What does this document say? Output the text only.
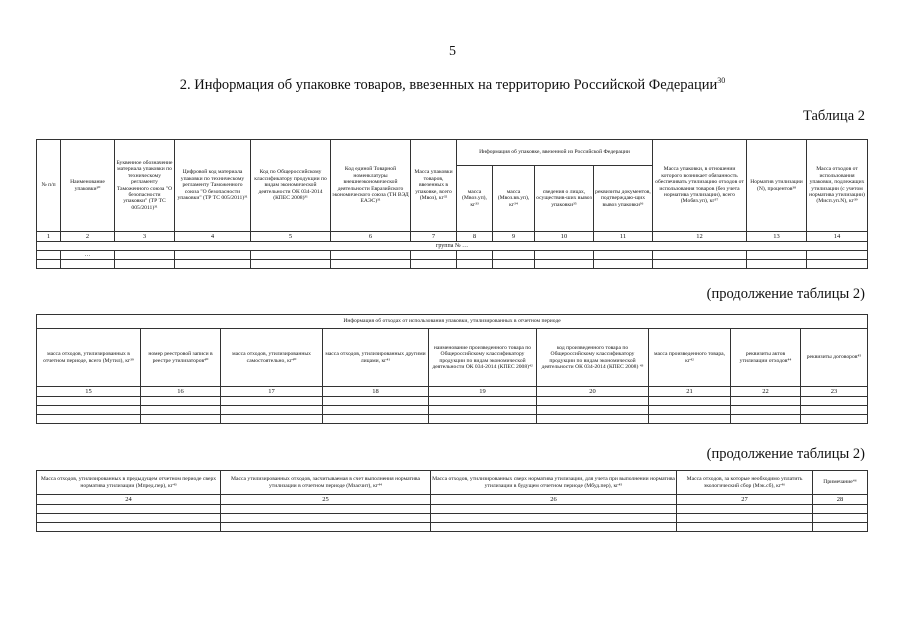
5
2. Информация об упаковке товаров, ввезенных на территорию Российской Федерации$^{30}$
Таблица 2
№ п/п	Наименование упаковки³⁰	Буквенное обозначение материала упаковки по техническому регламенту Таможенного союза "О безопасности упаковки" (ТР ТС 005/2011)³¹	Цифровой код материала упаковки по техническому регламенту Таможенного союза "О безопасности упаковки" (ТР ТС 005/2011)³¹	Код по Общероссийскому классификатору продукции по видам экономической деятельности ОК 034-2014 (КПЕС 2008)³¹	Код единой Товарной номенклатуры внешнеэкономической деятельности Евразийского экономического союза (ТН ВЭД ЕАЭС)³¹	Масса упаковки товаров, ввезенных в упаковке, всего (Mвоз), кг³²	Информация об упаковке, ввезенной из Российской Федерации				Масса упаковки, в отношении которого возникает обязанность обеспечивать утилизацию отходов от использования товаров (без учета норматива утилизации), всего (Mобяз.уп), кг³⁷	Норматив утилизации (N), процентов³⁸	Масса отходов от использования упаковки, подлежащих утилизации (с учетом норматива утилизации) (Mисп.уп.N), кг³⁹
							масса (Mвоз.уп), кг³³	масса (Mвоз.вв.уп), кг³⁴	сведения о лицах, осуществив-ших вывоз упаковки³⁵	реквизиты документов, подтверждаю-щих вывоз упаковки³⁶			
1	2	3	4	5	6	7	8	9	10	11	12	13	14
группа № …													
	…												

(продолжение таблицы 2)
Информация об отходах от использования упаковки, утилизированных в отчетном периоде								
масса отходов, утилизированных в отчетном периоде, всего (Mутил), кг³⁹	номер реестровой записи в реестре утилизаторов⁴⁰	масса отходов, утилизированных самостоятельно, кг⁴⁰	масса отходов, утилизированных другими лицами, кг⁴¹	наименование произведенного товара по Общероссийскому классификатору продукции по видам экономической деятельности ОК 034-2014 (КПЕС 2008)⁴²	код произведенного товара по Общероссийскому классификатору продукции по видам экономической деятельности ОК 034-2014 (КПЕС 2008) ⁴³	масса произведенного товара, кг⁴²	реквизиты актов утилизации отходов⁴⁴	реквизиты договоров⁴⁵
15	16	17	18	19	20	21	22	23

(продолжение таблицы 2)
Масса отходов, утилизированных в предыдущем отчетном периоде сверх норматива утилизации (Mпред.пер), кг⁴³	Масса утилизированных отходов, засчитываемая в счет выполнения норматива утилизации в отчетном периоде (Mзасчит), кг⁴⁴	Масса отходов, утилизированных сверх норматива утилизации, для учета при выполнении норматива утилизации в будущем отчетном периоде (Mбуд.пер), кг⁴⁵	Масса отходов, за которые необходимо уплатить экологический сбор (Mэк.сб), кг⁴⁶	Примечание⁴⁶
24	25	26	27	28
